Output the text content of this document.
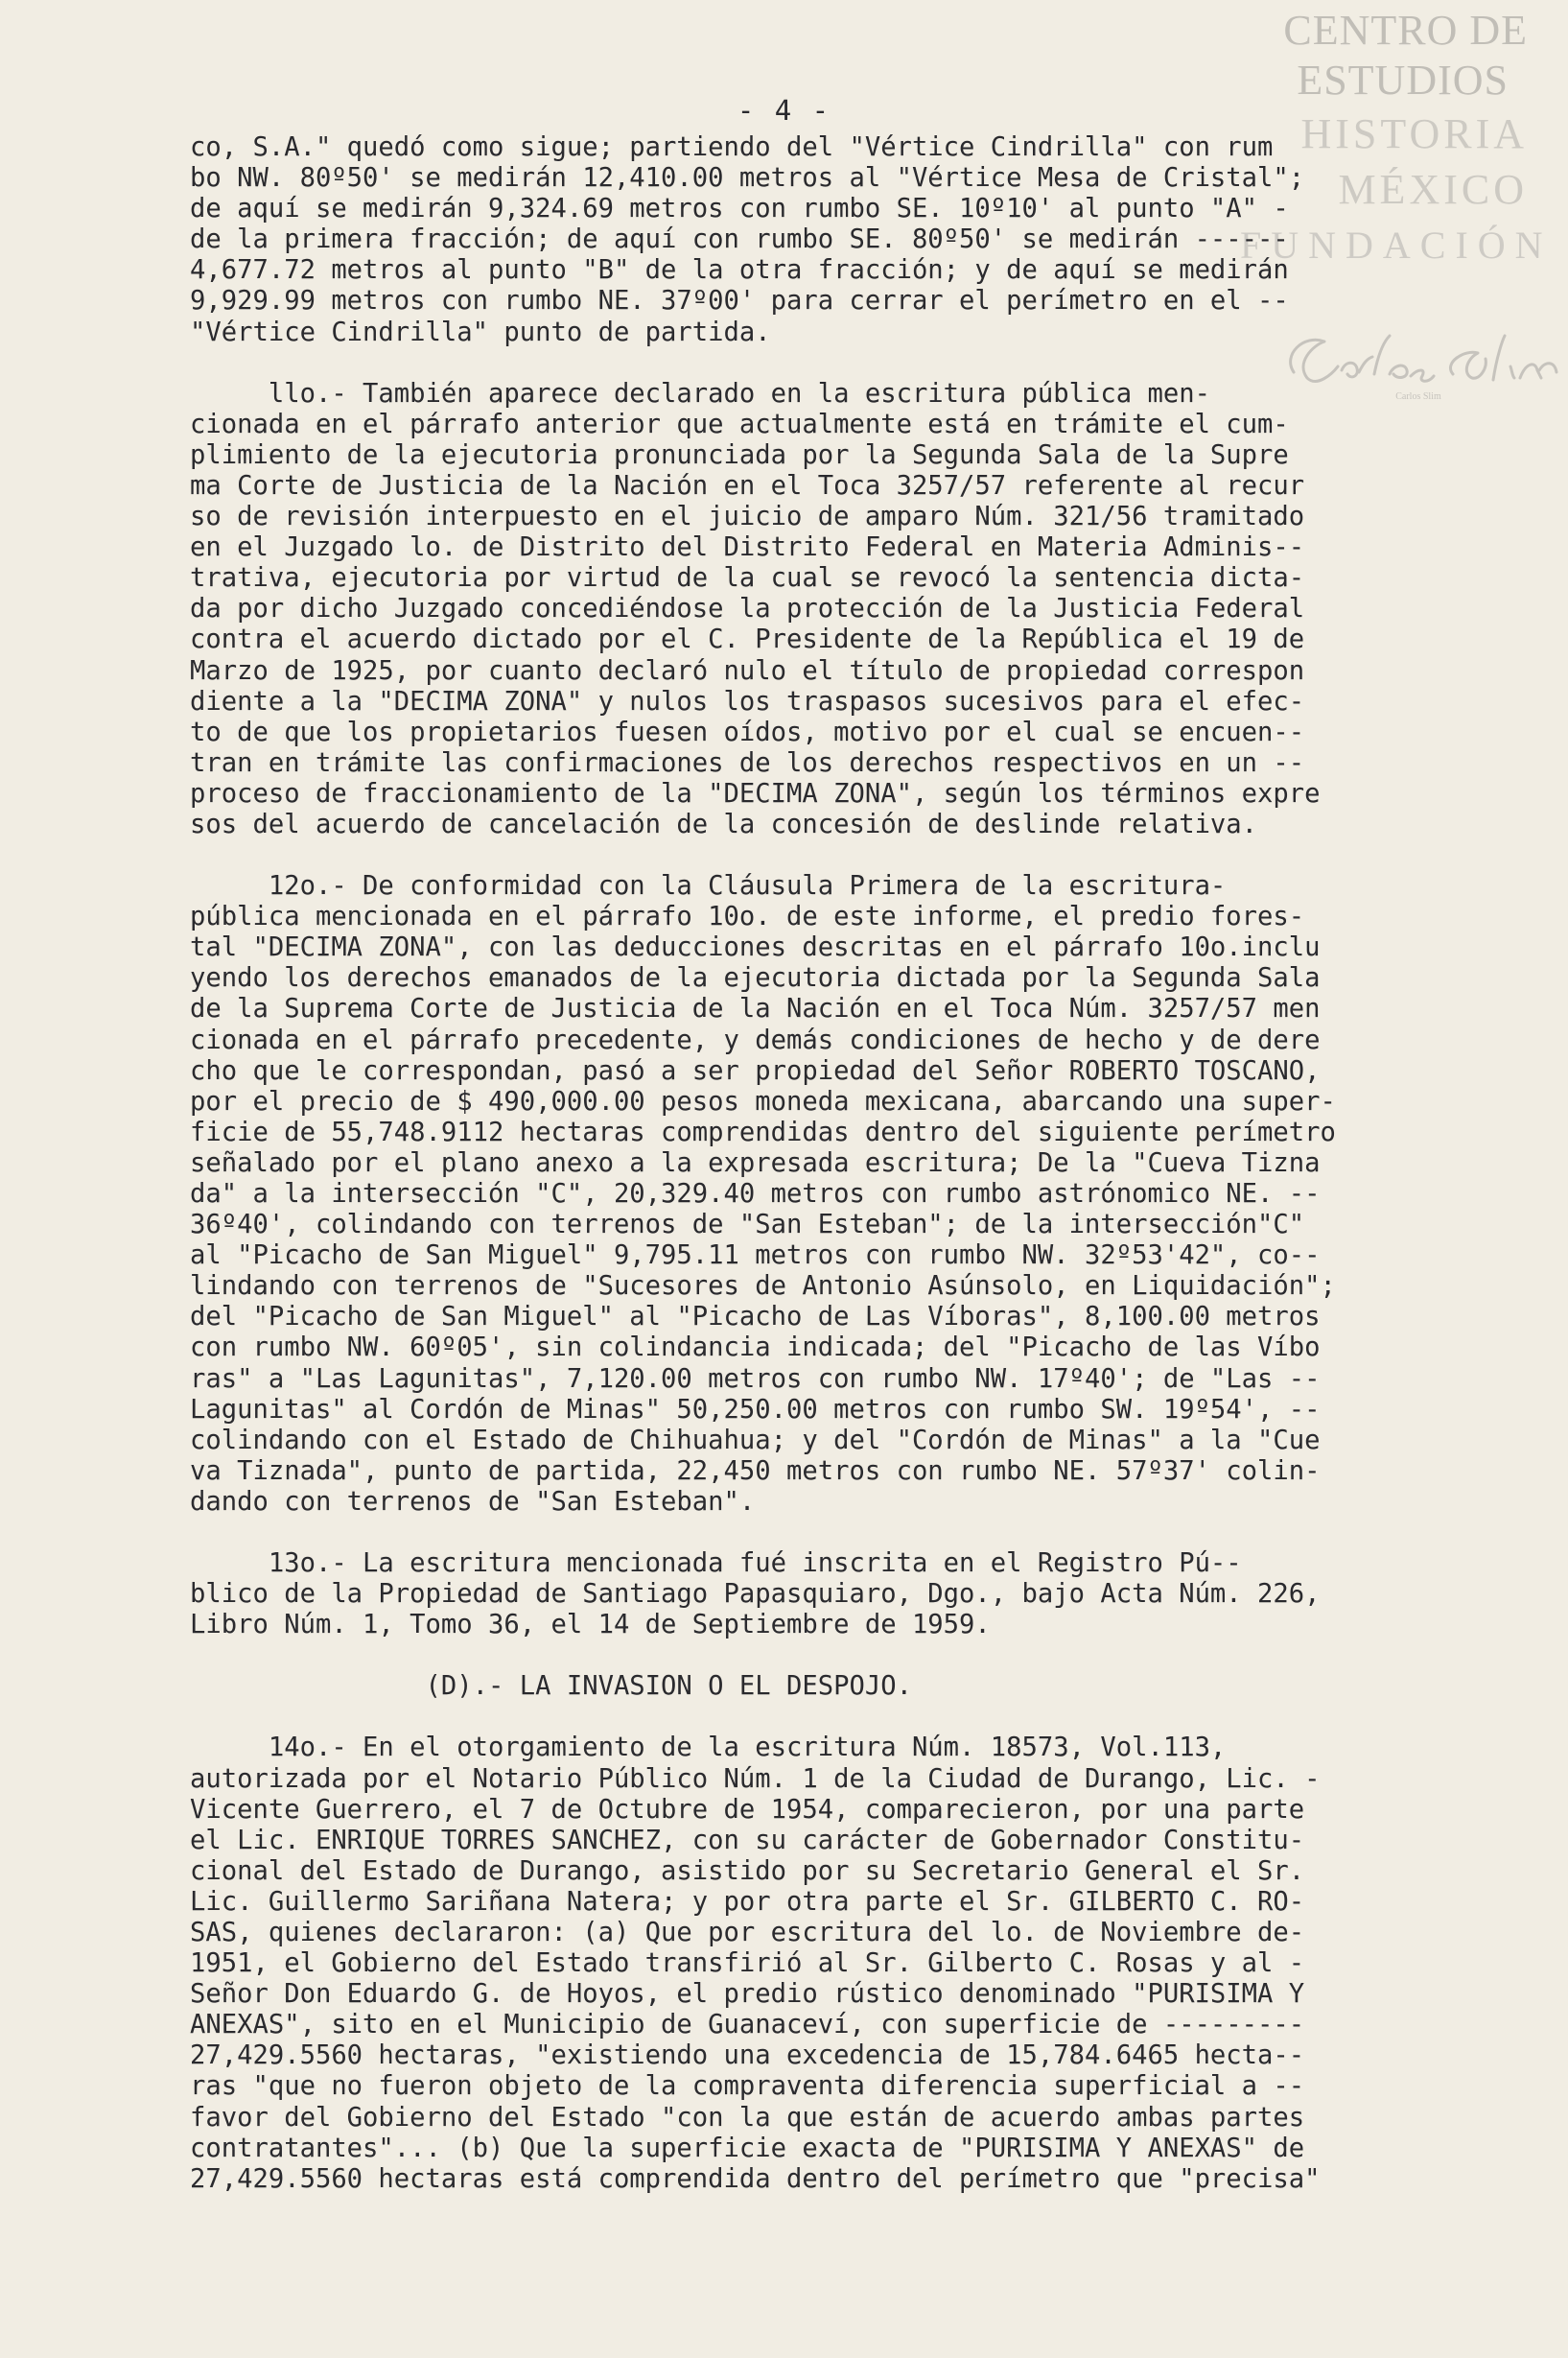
CENTRO DE
ESTUDIOS
HISTORIA
MÉXICO
FUNDACIÓN
Carlos Slim
- 4 -
co, S.A." quedó como sigue; partiendo del "Vértice Cindrilla" con rum
bo NW. 80º50' se medirán 12,410.00 metros al "Vértice Mesa de Cristal";
de aquí se medirán 9,324.69 metros con rumbo SE. 10º10' al punto "A" -
de la primera fracción; de aquí con rumbo SE. 80º50' se medirán ------
4,677.72 metros al punto "B" de la otra fracción; y de aquí se medirán
9,929.99 metros con rumbo NE. 37º00' para cerrar el perímetro en el --
"Vértice Cindrilla" punto de partida.
llo.- También aparece declarado en la escritura pública men-
cionada en el párrafo anterior que actualmente está en trámite el cum-
plimiento de la ejecutoria pronunciada por la Segunda Sala de la Supre
ma Corte de Justicia de la Nación en el Toca 3257/57 referente al recur
so de revisión interpuesto en el juicio de amparo Núm. 321/56 tramitado
en el Juzgado lo. de Distrito del Distrito Federal en Materia Adminis--
trativa, ejecutoria por virtud de la cual se revocó la sentencia dicta-
da por dicho Juzgado concediéndose la protección de la Justicia Federal
contra el acuerdo dictado por el C. Presidente de la República el 19 de
Marzo de 1925, por cuanto declaró nulo el título de propiedad correspon
diente a la "DECIMA ZONA" y nulos los traspasos sucesivos para el efec-
to de que los propietarios fuesen oídos, motivo por el cual se encuen--
tran en trámite las confirmaciones de los derechos respectivos en un --
proceso de fraccionamiento de la "DECIMA ZONA", según los términos expre
sos del acuerdo de cancelación de la concesión de deslinde relativa.
12o.- De conformidad con la Cláusula Primera de la escritura-
pública mencionada en el párrafo 10o. de este informe, el predio fores-
tal "DECIMA ZONA", con las deducciones descritas en el párrafo 10o.inclu
yendo los derechos emanados de la ejecutoria dictada por la Segunda Sala
de la Suprema Corte de Justicia de la Nación en el Toca Núm. 3257/57 men
cionada en el párrafo precedente, y demás condiciones de hecho y de dere
cho que le correspondan, pasó a ser propiedad del Señor ROBERTO TOSCANO,
por el precio de $ 490,000.00 pesos moneda mexicana, abarcando una super-
ficie de 55,748.9112 hectaras comprendidas dentro del siguiente perímetro
señalado por el plano anexo a la expresada escritura; De la "Cueva Tizna
da" a la intersección "C", 20,329.40 metros con rumbo astrónomico NE. --
36º40', colindando con terrenos de "San Esteban"; de la intersección"C"
al "Picacho de San Miguel" 9,795.11 metros con rumbo NW. 32º53'42", co--
lindando con terrenos de "Sucesores de Antonio Asúnsolo, en Liquidación";
del "Picacho de San Miguel" al "Picacho de Las Víboras", 8,100.00 metros
con rumbo NW. 60º05', sin colindancia indicada; del "Picacho de las Víbo
ras" a "Las Lagunitas", 7,120.00 metros con rumbo NW. 17º40'; de "Las --
Lagunitas" al Cordón de Minas" 50,250.00 metros con rumbo SW. 19º54', --
colindando con el Estado de Chihuahua; y del "Cordón de Minas" a la "Cue
va Tiznada", punto de partida, 22,450 metros con rumbo NE. 57º37' colin-
dando con terrenos de "San Esteban".
13o.- La escritura mencionada fué inscrita en el Registro Pú--
blico de la Propiedad de Santiago Papasquiaro, Dgo., bajo Acta Núm. 226,
Libro Núm. 1, Tomo 36, el 14 de Septiembre de 1959.
(D).- LA INVASION O EL DESPOJO.
14o.- En el otorgamiento de la escritura Núm. 18573, Vol.113,
autorizada por el Notario Público Núm. 1 de la Ciudad de Durango, Lic. -
Vicente Guerrero, el 7 de Octubre de 1954, comparecieron, por una parte
el Lic. ENRIQUE TORRES SANCHEZ, con su carácter de Gobernador Constitu-
cional del Estado de Durango, asistido por su Secretario General el Sr.
Lic. Guillermo Sariñana Natera; y por otra parte el Sr. GILBERTO C. RO-
SAS, quienes declararon: (a) Que por escritura del lo. de Noviembre de-
1951, el Gobierno del Estado transfirió al Sr. Gilberto C. Rosas y al -
Señor Don Eduardo G. de Hoyos, el predio rústico denominado "PURISIMA Y
ANEXAS", sito en el Municipio de Guanaceví, con superficie de ---------
27,429.5560 hectaras, "existiendo una excedencia de 15,784.6465 hecta--
ras "que no fueron objeto de la compraventa diferencia superficial a --
favor del Gobierno del Estado "con la que están de acuerdo ambas partes
contratantes"... (b) Que la superficie exacta de "PURISIMA Y ANEXAS" de
27,429.5560 hectaras está comprendida dentro del perímetro que "precisa"
